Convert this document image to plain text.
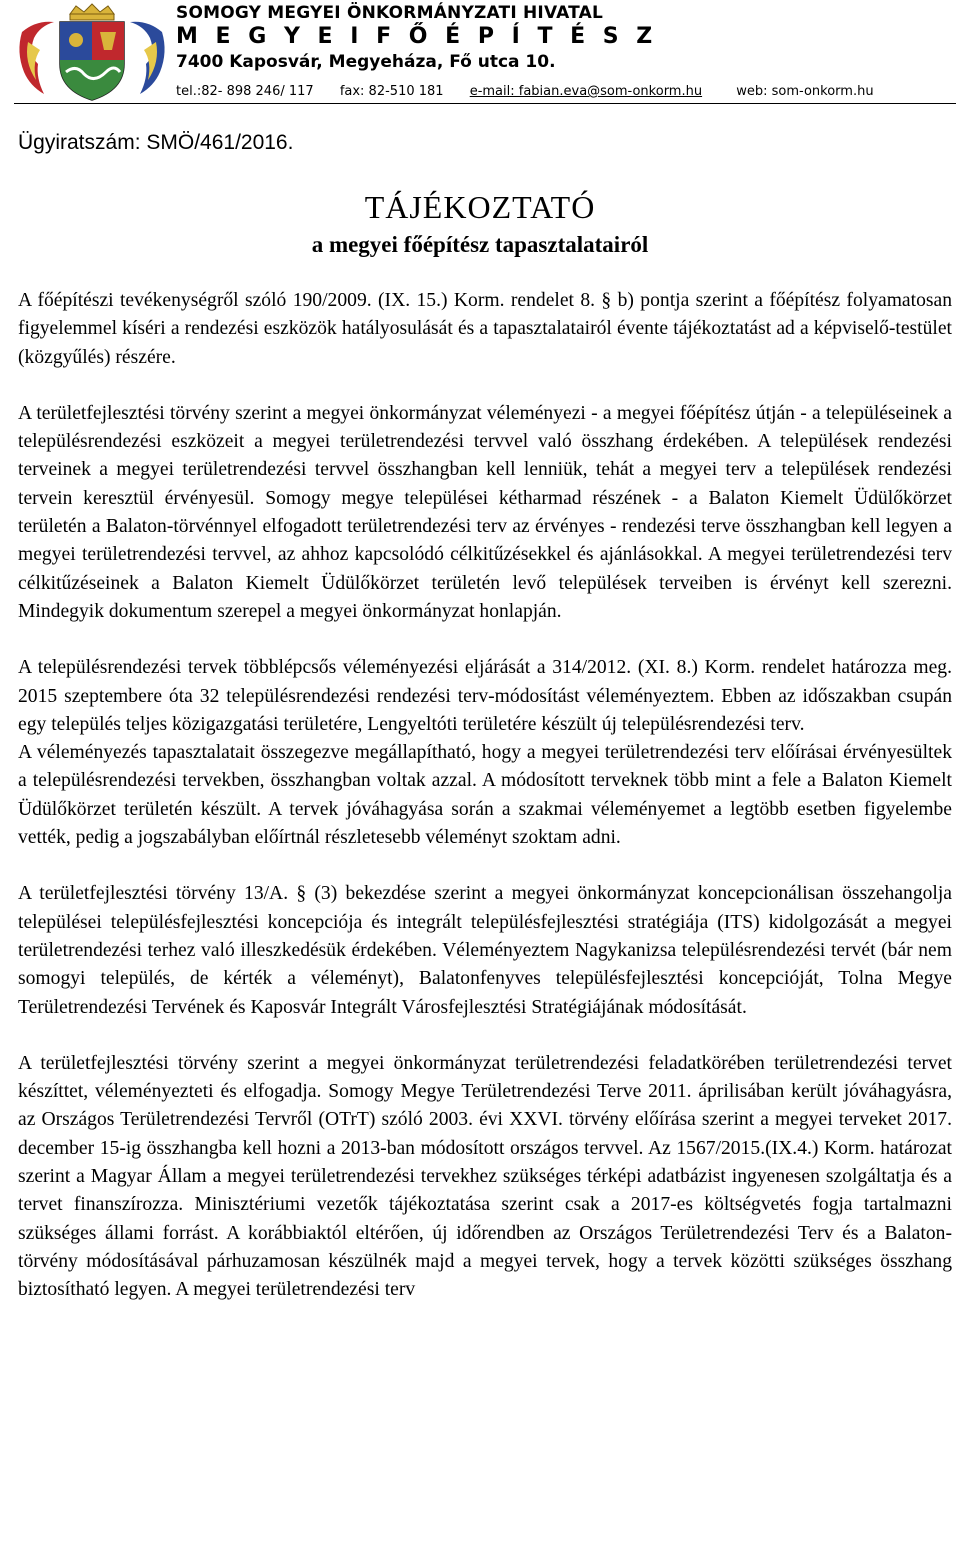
SOMOGY MEGYEI ÖNKORMÁNYZATI HIVATAL
M E G Y E I F Ő É P Í T É S Z
7400 Kaposvár, Megyeháza, Fő utca 10.
tel.:82- 898 246/ 117 fax: 82-510 181 e-mail: fabian.eva@som-onkorm.hu	web: som-onkorm.hu
Ügyiratszám: SMÖ/461/2016.
TÁJÉKOZTATÓ
a megyei főépítész tapasztalatairól

A főépítészi tevékenységről szóló 190/2009. (IX. 15.) Korm. rendelet 8. § b) pontja szerint a főépítész folyamatosan figyelemmel kíséri a rendezési eszközök hatályosulását és a tapasztalatairól évente tájékoztatást ad a képviselő-testület (közgyűlés) részére.

A területfejlesztési törvény szerint a megyei önkormányzat véleményezi - a megyei főépítész útján - a településeinek a településrendezési eszközeit a megyei területrendezési tervvel való összhang érdekében. A települések rendezési terveinek a megyei területrendezési tervvel összhangban kell lenniük, tehát a megyei terv a települések rendezési tervein keresztül érvényesül. Somogy megye települései kétharmad részének - a Balaton Kiemelt Üdülőkörzet területén a Balaton-törvénnyel elfogadott területrendezési terv az érvényes - rendezési terve összhangban kell legyen a megyei területrendezési tervvel, az ahhoz kapcsolódó célkitűzésekkel és ajánlásokkal. A megyei területrendezési terv célkitűzéseinek a Balaton Kiemelt Üdülőkörzet területén levő települések terveiben is érvényt kell szerezni. Mindegyik dokumentum szerepel a megyei önkormányzat honlapján.

A településrendezési tervek többlépcsős véleményezési eljárását a 314/2012. (XI. 8.) Korm. rendelet határozza meg. 2015 szeptembere óta 32 településrendezési rendezési terv-módosítást véleményeztem. Ebben az időszakban csupán egy település teljes közigazgatási területére, Lengyeltóti területére készült új településrendezési terv.

A véleményezés tapasztalatait összegezve megállapítható, hogy a megyei területrendezési terv előírásai érvényesültek a településrendezési tervekben, összhangban voltak azzal. A módosított terveknek több mint a fele a Balaton Kiemelt Üdülőkörzet területén készült. A tervek jóváhagyása során a szakmai véleményemet a legtöbb esetben figyelembe vették, pedig a jogszabályban előírtnál részletesebb véleményt szoktam adni.

A területfejlesztési törvény 13/A. § (3) bekezdése szerint a megyei önkormányzat koncepcionálisan összehangolja települései településfejlesztési koncepciója és integrált településfejlesztési stratégiája (ITS) kidolgozását a megyei területrendezési terhez való illeszkedésük érdekében. Véleményeztem Nagykanizsa településrendezési tervét (bár nem somogyi település, de kérték a véleményt), Balatonfenyves településfejlesztési koncepcióját, Tolna Megye Területrendezési Tervének és Kaposvár Integrált Városfejlesztési Stratégiájának módosítását.

A területfejlesztési törvény szerint a megyei önkormányzat területrendezési feladatkörében területrendezési tervet készíttet, véleményezteti és elfogadja. Somogy Megye Területrendezési Terve 2011. áprilisában került jóváhagyásra, az Országos Területrendezési Tervről (OTrT) szóló 2003. évi XXVI. törvény előírása szerint a megyei terveket 2017. december 15-ig összhangba kell hozni a 2013-ban módosított országos tervvel. Az 1567/2015.(IX.4.) Korm. határozat szerint a Magyar Állam a megyei területrendezési tervekhez szükséges térképi adatbázist ingyenesen szolgáltatja és a tervet finanszírozza. Minisztériumi vezetők tájékoztatása szerint csak a 2017-es költségvetés fogja tartalmazni szükséges állami forrást. A korábbiaktól eltérően, új időrendben az Országos Területrendezési Terv és a Balaton-törvény módosításával párhuzamosan készülnék majd a megyei tervek, hogy a tervek közötti szükséges összhang biztosítható legyen. A megyei területrendezési terv
